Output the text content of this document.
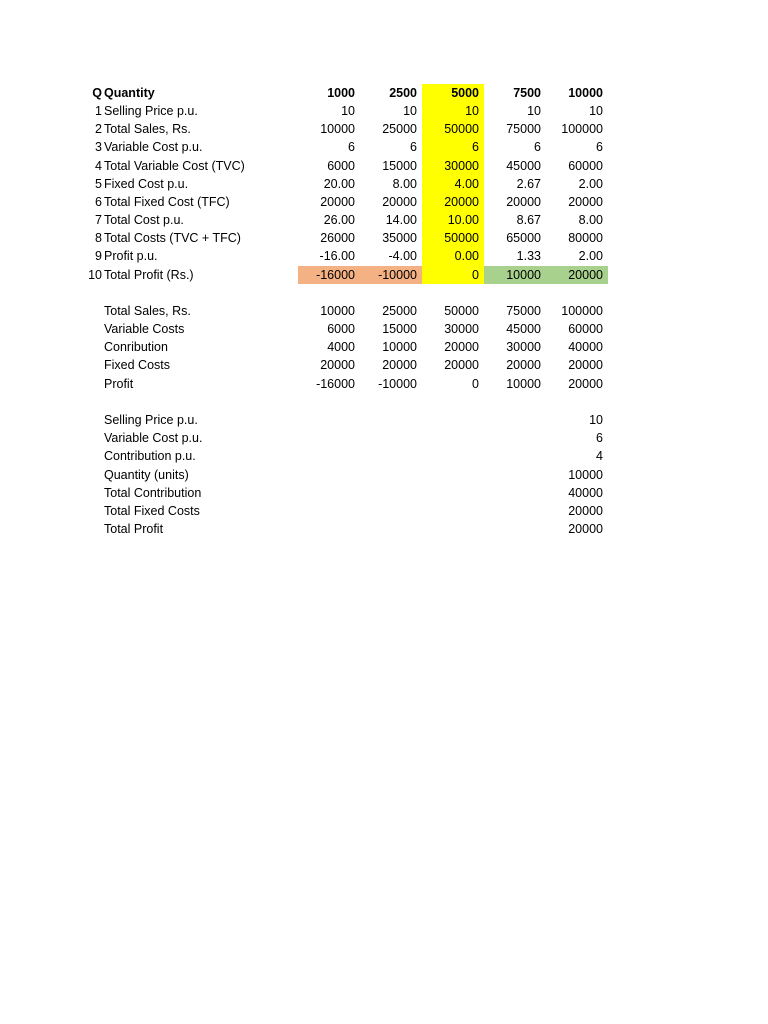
Q Quantity	1000	2500	5000	7500	10000
1 Selling Price p.u.	10	10	10	10	10
2 Total Sales, Rs.	10000	25000	50000	75000	100000
3 Variable Cost p.u.	6	6	6	6	6
4 Total Variable Cost (TVC)	6000	15000	30000	45000	60000
5 Fixed Cost p.u.	20.00	8.00	4.00	2.67	2.00
6 Total Fixed Cost (TFC)	20000	20000	20000	20000	20000
7 Total Cost p.u.	26.00	14.00	10.00	8.67	8.00
8 Total Costs (TVC + TFC)	26000	35000	50000	65000	80000
9 Profit p.u.	-16.00	-4.00	0.00	1.33	2.00
10 Total Profit (Rs.)	-16000	-10000	0	10000	20000
Total Sales, Rs.	10000	25000	50000	75000	100000
Variable Costs	6000	15000	30000	45000	60000
Conribution	4000	10000	20000	30000	40000
Fixed Costs	20000	20000	20000	20000	20000
Profit	-16000	-10000	0	10000	20000
Selling Price p.u.	10
Variable Cost p.u.	6
Contribution p.u.	4
Quantity (units)	10000
Total Contribution	40000
Total Fixed Costs	20000
Total Profit	20000
